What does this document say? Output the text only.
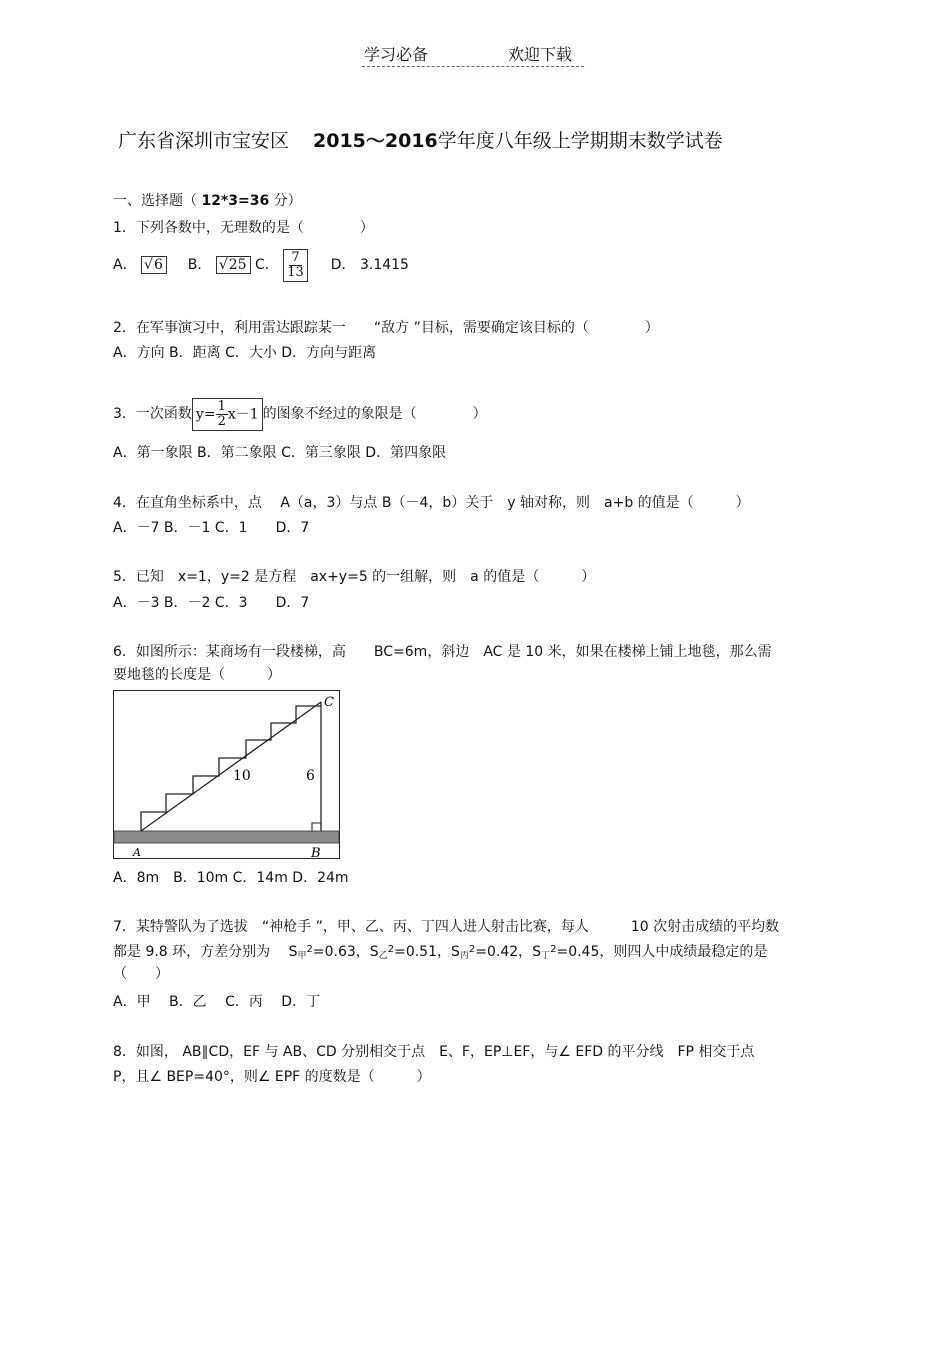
学习必备	欢迎下载
广东省深圳市宝安区 2015～2016学年度八年级上学期期末数学试卷
一、选择题（ 12*3=36 分）
1．下列各数中，无理数的是（　　　　）
A． √6 B． √25 C． $\frac{7}{13}$ D． 3.1415
2．在军事演习中，利用雷达跟踪某一　　“敌方 ”目标，需要确定该目标的（　　　　）
A．方向 B．距离 C．大小 D．方向与距离
3．一次函数 $y= \frac{1}{2} x-1$ 的图象不经过的象限是（　　　　）
A．第一象限 B．第二象限 C．第三象限 D．第四象限
4．在直角坐标系中，点　 A（a，3）与点 B（－4，b）关于　y 轴对称，则　a+b 的值是（　　　）
A．－7 B．－1 C．1　　D．7
5．已知　x=1，y=2 是方程　ax+y=5 的一组解，则　a 的值是（　　　）
A．－3 B．－2 C．3　　D．7
6．如图所示：某商场有一段楼梯，高　　BC=6m，斜边　AC 是 10 米，如果在楼梯上铺上地毯，那么需
要地毯的长度是（　　　）
10	6
C
A	B
A．8m　B．10m C．14m D．24m
7．某特警队为了选拔　“神枪手 ”，甲、乙、丙、丁四人进人射击比赛，每人　　　10 次射击成绩的平均数
都是 9.8 环，方差分别为　 $S_甲^2=0.63$，$S_乙^2=0.51$，$S_丙^2=0.42$，$S_丁^2=0.45$，则四人中成绩最稳定的是
（　　）
A．甲　 B．乙　 C．丙　 D．丁
8．如图， AB∥CD，EF 与 AB、CD 分别相交于点　E、F，EP⊥EF，与∠ EFD 的平分线　FP 相交于点
P，且∠ BEP=40°，则∠ EPF 的度数是（　　　）
